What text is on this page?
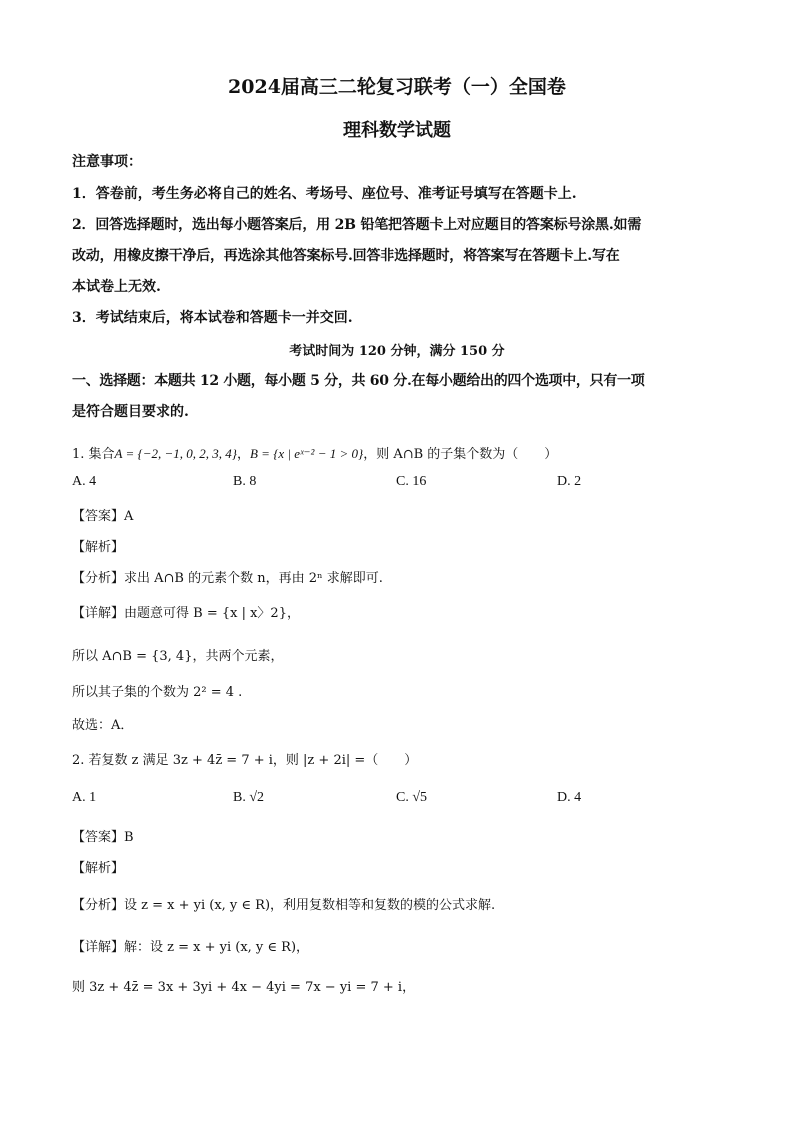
2024届高三二轮复习联考（一）全国卷
理科数学试题
注意事项：
1．答卷前，考生务必将自己的姓名、考场号、座位号、准考证号填写在答题卡上.
2．回答选择题时，选出每小题答案后，用 2B 铅笔把答题卡上对应题目的答案标号涂黑.如需
改动，用橡皮擦干净后，再选涂其他答案标号.回答非选择题时，将答案写在答题卡上.写在
本试卷上无效.
3．考试结束后，将本试卷和答题卡一并交回.
考试时间为 120 分钟，满分 150 分
一、选择题：本题共 12 小题，每小题 5 分，共 60 分.在每小题给出的四个选项中，只有一项
是符合题目要求的.
1. 集合A = {−2, −1, 0, 2, 3, 4}，B = {x | eˣ⁻² − 1 > 0}，则 A∩B 的子集个数为（　　）
A. 4	B. 8	C. 16	D. 2
【答案】A
【解析】
【分析】求出 A∩B 的元素个数 n，再由 2ⁿ 求解即可.
【详解】由题意可得 B = {x | x〉2}，
所以 A∩B = {3, 4}，共两个元素，
所以其子集的个数为 2² = 4 .
故选：A．
2. 若复数 z 满足 3z + 4z̄ = 7 + i，则 |z + 2i| =（　　）
A. 1	B. √2	C. √5	D. 4
【答案】B
【解析】
【分析】设 z = x + yi (x, y ∈ R)，利用复数相等和复数的模的公式求解.
【详解】解：设 z = x + yi (x, y ∈ R)，
则 3z + 4z̄ = 3x + 3yi + 4x − 4yi = 7x − yi = 7 + i，
